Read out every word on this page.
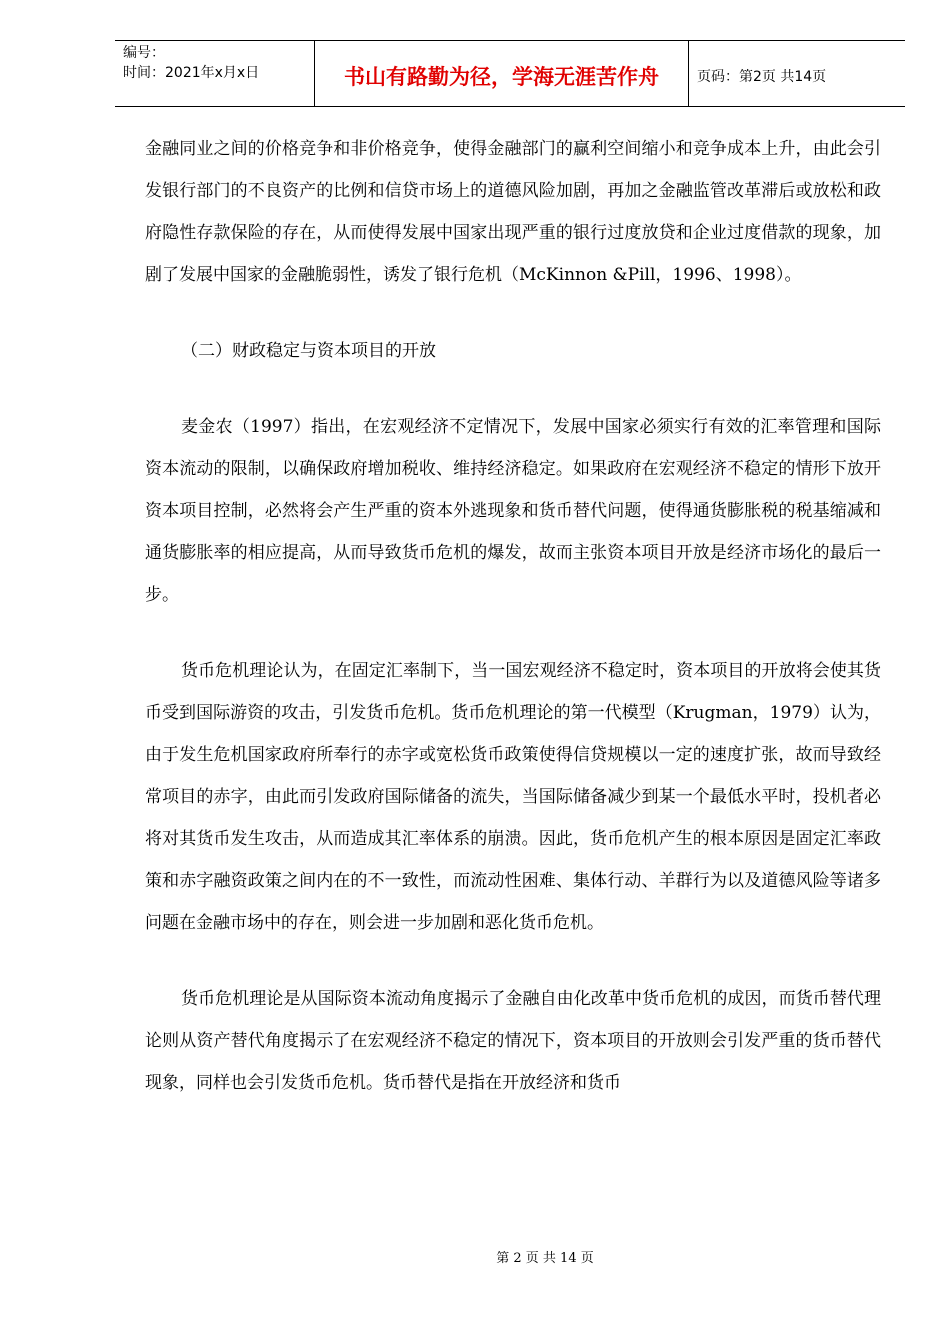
编号：
时间：2021年x月x日	书山有路勤为径，学海无涯苦作舟	页码：第2页 共14页

金融同业之间的价格竞争和非价格竞争，使得金融部门的赢利空间缩小和竞争成本上升，由此会引发银行部门的不良资产的比例和信贷市场上的道德风险加剧，再加之金融监管改革滞后或放松和政府隐性存款保险的存在，从而使得发展中国家出现严重的银行过度放贷和企业过度借款的现象，加剧了发展中国家的金融脆弱性，诱发了银行危机（McKinnon &Pill，1996、1998）。

（二）财政稳定与资本项目的开放

麦金农（1997）指出，在宏观经济不定情况下，发展中国家必须实行有效的汇率管理和国际资本流动的限制，以确保政府增加税收、维持经济稳定。如果政府在宏观经济不稳定的情形下放开资本项目控制，必然将会产生严重的资本外逃现象和货币替代问题，使得通货膨胀税的税基缩减和通货膨胀率的相应提高，从而导致货币危机的爆发，故而主张资本项目开放是经济市场化的最后一步。

货币危机理论认为，在固定汇率制下，当一国宏观经济不稳定时，资本项目的开放将会使其货币受到国际游资的攻击，引发货币危机。货币危机理论的第一代模型（Krugman，1979）认为，由于发生危机国家政府所奉行的赤字或宽松货币政策使得信贷规模以一定的速度扩张，故而导致经常项目的赤字，由此而引发政府国际储备的流失，当国际储备减少到某一个最低水平时，投机者必将对其货币发生攻击，从而造成其汇率体系的崩溃。因此，货币危机产生的根本原因是固定汇率政策和赤字融资政策之间内在的不一致性，而流动性困难、集体行动、羊群行为以及道德风险等诸多问题在金融市场中的存在，则会进一步加剧和恶化货币危机。

货币危机理论是从国际资本流动角度揭示了金融自由化改革中货币危机的成因，而货币替代理论则从资产替代角度揭示了在宏观经济不稳定的情况下，资本项目的开放则会引发严重的货币替代现象，同样也会引发货币危机。货币替代是指在开放经济和货币

第 2 页 共 14 页
